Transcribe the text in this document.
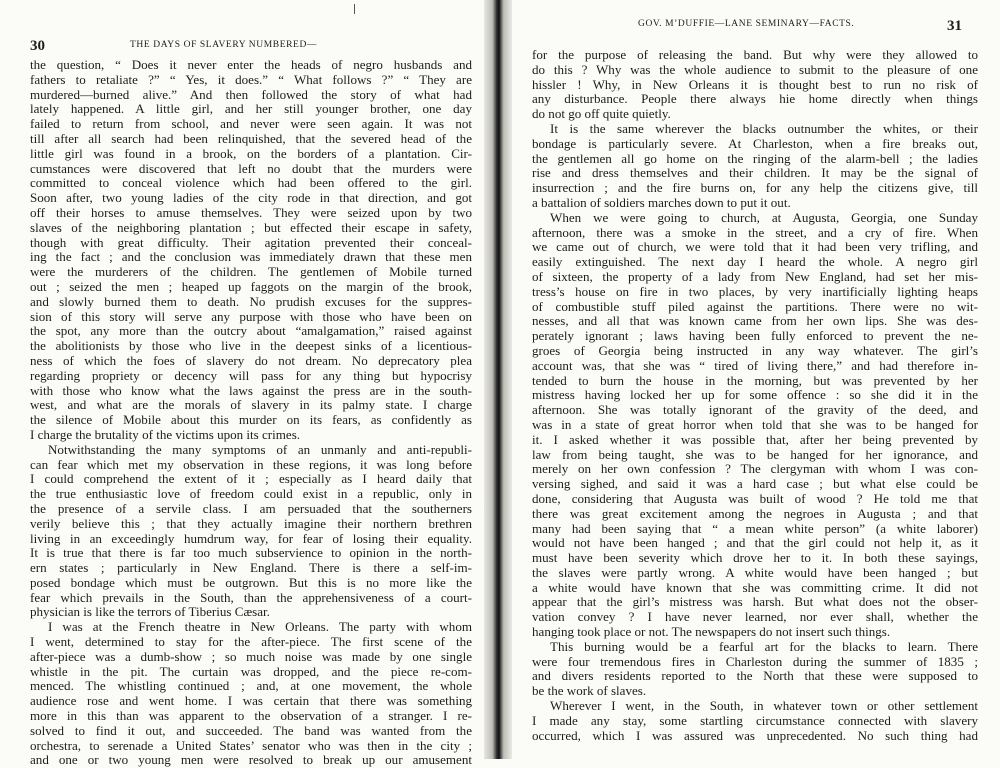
30	THE DAYS OF SLAVERY NUMBERED—
the question, “ Does it never enter the heads of negro husbands and
fathers to retaliate ?” “ Yes, it does.” “ What follows ?” “ They are
murdered—burned alive.” And then followed the story of what had
lately happened. A little girl, and her still younger brother, one day
failed to return from school, and never were seen again. It was not
till after all search had been relinquished, that the severed head of the
little girl was found in a brook, on the borders of a plantation. Cir-
cumstances were discovered that left no doubt that the murders were
committed to conceal violence which had been offered to the girl.
Soon after, two young ladies of the city rode in that direction, and got
off their horses to amuse themselves. They were seized upon by two
slaves of the neighboring plantation ; but effected their escape in safety,
though with great difficulty. Their agitation prevented their conceal-
ing the fact ; and the conclusion was immediately drawn that these men
were the murderers of the children. The gentlemen of Mobile turned
out ; seized the men ; heaped up faggots on the margin of the brook,
and slowly burned them to death. No prudish excuses for the suppres-
sion of this story will serve any purpose with those who have been on
the spot, any more than the outcry about “amalgamation,” raised against
the abolitionists by those who live in the deepest sinks of a licentious-
ness of which the foes of slavery do not dream. No deprecatory plea
regarding propriety or decency will pass for any thing but hypocrisy
with those who know what the laws against the press are in the south-
west, and what are the morals of slavery in its palmy state. I charge
the silence of Mobile about this murder on its fears, as confidently as
I charge the brutality of the victims upon its crimes.
Notwithstanding the many symptoms of an unmanly and anti-republi-
can fear which met my observation in these regions, it was long before
I could comprehend the extent of it ; especially as I heard daily that
the true enthusiastic love of freedom could exist in a republic, only in
the presence of a servile class. I am persuaded that the southerners
verily believe this ; that they actually imagine their northern brethren
living in an exceedingly humdrum way, for fear of losing their equality.
It is true that there is far too much subservience to opinion in the north-
ern states ; particularly in New England. There is there a self-im-
posed bondage which must be outgrown. But this is no more like the
fear which prevails in the South, than the apprehensiveness of a court-
physician is like the terrors of Tiberius Cæsar.
I was at the French theatre in New Orleans. The party with whom
I went, determined to stay for the after-piece. The first scene of the
after-piece was a dumb-show ; so much noise was made by one single
whistle in the pit. The curtain was dropped, and the piece re-com-
menced. The whistling continued ; and, at one movement, the whole
audience rose and went home. I was certain that there was something
more in this than was apparent to the observation of a stranger. I re-
solved to find it out, and succeeded. The band was wanted from the
orchestra, to serenade a United States’ senator who was then in the city ;
and one or two young men were resolved to break up our amusement
GOV. M’DUFFIE—LANE SEMINARY—FACTS.	31
for the purpose of releasing the band. But why were they allowed to
do this ? Why was the whole audience to submit to the pleasure of one
hissler ! Why, in New Orleans it is thought best to run no risk of
any disturbance. People there always hie home directly when things
do not go off quite quietly.
It is the same wherever the blacks outnumber the whites, or their
bondage is particularly severe. At Charleston, when a fire breaks out,
the gentlemen all go home on the ringing of the alarm-bell ; the ladies
rise and dress themselves and their children. It may be the signal of
insurrection ; and the fire burns on, for any help the citizens give, till
a battalion of soldiers marches down to put it out.
When we were going to church, at Augusta, Georgia, one Sunday
afternoon, there was a smoke in the street, and a cry of fire. When
we came out of church, we were told that it had been very trifling, and
easily extinguished. The next day I heard the whole. A negro girl
of sixteen, the property of a lady from New England, had set her mis-
tress’s house on fire in two places, by very inartificially lighting heaps
of combustible stuff piled against the partitions. There were no wit-
nesses, and all that was known came from her own lips. She was des-
perately ignorant ; laws having been fully enforced to prevent the ne-
groes of Georgia being instructed in any way whatever. The girl’s
account was, that she was “ tired of living there,” and had therefore in-
tended to burn the house in the morning, but was prevented by her
mistress having locked her up for some offence : so she did it in the
afternoon. She was totally ignorant of the gravity of the deed, and
was in a state of great horror when told that she was to be hanged for
it. I asked whether it was possible that, after her being prevented by
law from being taught, she was to be hanged for her ignorance, and
merely on her own confession ? The clergyman with whom I was con-
versing sighed, and said it was a hard case ; but what else could be
done, considering that Augusta was built of wood ? He told me that
there was great excitement among the negroes in Augusta ; and that
many had been saying that “ a mean white person” (a white laborer)
would not have been hanged ; and that the girl could not help it, as it
must have been severity which drove her to it. In both these sayings,
the slaves were partly wrong. A white would have been hanged ; but
a white would have known that she was committing crime. It did not
appear that the girl’s mistress was harsh. But what does not the obser-
vation convey ? I have never learned, nor ever shall, whether the
hanging took place or not. The newspapers do not insert such things.
This burning would be a fearful art for the blacks to learn. There
were four tremendous fires in Charleston during the summer of 1835 ;
and divers residents reported to the North that these were supposed to
be the work of slaves.
Wherever I went, in the South, in whatever town or other settlement
I made any stay, some startling circumstance connected with slavery
occurred, which I was assured was unprecedented. No such thing had
